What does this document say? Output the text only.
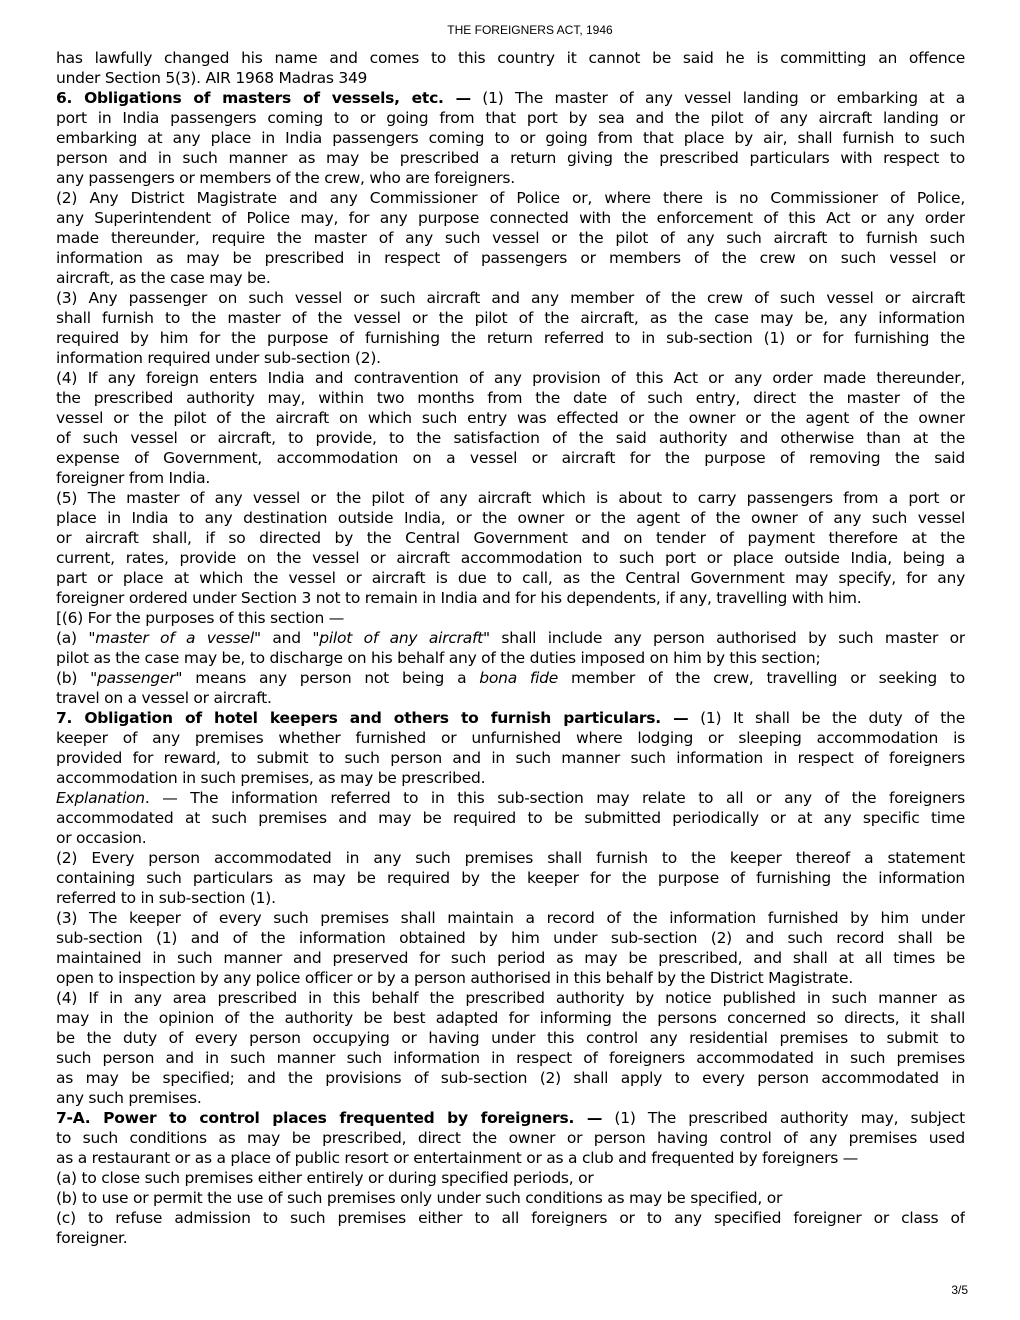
THE FOREIGNERS ACT, 1946
has lawfully changed his name and comes to this country it cannot be said he is committing an offence
under Section 5(3). AIR 1968 Madras 349
6. Obligations of masters of vessels, etc. — (1) The master of any vessel landing or embarking at a
port in India passengers coming to or going from that port by sea and the pilot of any aircraft landing or
embarking at any place in India passengers coming to or going from that place by air, shall furnish to such
person and in such manner as may be prescribed a return giving the prescribed particulars with respect to
any passengers or members of the crew, who are foreigners.
(2) Any District Magistrate and any Commissioner of Police or, where there is no Commissioner of Police,
any Superintendent of Police may, for any purpose connected with the enforcement of this Act or any order
made thereunder, require the master of any such vessel or the pilot of any such aircraft to furnish such
information as may be prescribed in respect of passengers or members of the crew on such vessel or
aircraft, as the case may be.
(3) Any passenger on such vessel or such aircraft and any member of the crew of such vessel or aircraft
shall furnish to the master of the vessel or the pilot of the aircraft, as the case may be, any information
required by him for the purpose of furnishing the return referred to in sub-section (1) or for furnishing the
information required under sub-section (2).
(4) If any foreign enters India and contravention of any provision of this Act or any order made thereunder,
the prescribed authority may, within two months from the date of such entry, direct the master of the
vessel or the pilot of the aircraft on which such entry was effected or the owner or the agent of the owner
of such vessel or aircraft, to provide, to the satisfaction of the said authority and otherwise than at the
expense of Government, accommodation on a vessel or aircraft for the purpose of removing the said
foreigner from India.
(5) The master of any vessel or the pilot of any aircraft which is about to carry passengers from a port or
place in India to any destination outside India, or the owner or the agent of the owner of any such vessel
or aircraft shall, if so directed by the Central Government and on tender of payment therefore at the
current, rates, provide on the vessel or aircraft accommodation to such port or place outside India, being a
part or place at which the vessel or aircraft is due to call, as the Central Government may specify, for any
foreigner ordered under Section 3 not to remain in India and for his dependents, if any, travelling with him.
[(6) For the purposes of this section —
(a) "master of a vessel" and "pilot of any aircraft" shall include any person authorised by such master or
pilot as the case may be, to discharge on his behalf any of the duties imposed on him by this section;
(b) "passenger" means any person not being a bona fide member of the crew, travelling or seeking to
travel on a vessel or aircraft.
7. Obligation of hotel keepers and others to furnish particulars. — (1) It shall be the duty of the
keeper of any premises whether furnished or unfurnished where lodging or sleeping accommodation is
provided for reward, to submit to such person and in such manner such information in respect of foreigners
accommodation in such premises, as may be prescribed.
Explanation. — The information referred to in this sub-section may relate to all or any of the foreigners
accommodated at such premises and may be required to be submitted periodically or at any specific time
or occasion.
(2) Every person accommodated in any such premises shall furnish to the keeper thereof a statement
containing such particulars as may be required by the keeper for the purpose of furnishing the information
referred to in sub-section (1).
(3) The keeper of every such premises shall maintain a record of the information furnished by him under
sub-section (1) and of the information obtained by him under sub-section (2) and such record shall be
maintained in such manner and preserved for such period as may be prescribed, and shall at all times be
open to inspection by any police officer or by a person authorised in this behalf by the District Magistrate.
(4) If in any area prescribed in this behalf the prescribed authority by notice published in such manner as
may in the opinion of the authority be best adapted for informing the persons concerned so directs, it shall
be the duty of every person occupying or having under this control any residential premises to submit to
such person and in such manner such information in respect of foreigners accommodated in such premises
as may be specified; and the provisions of sub-section (2) shall apply to every person accommodated in
any such premises.
7-A. Power to control places frequented by foreigners. — (1) The prescribed authority may, subject
to such conditions as may be prescribed, direct the owner or person having control of any premises used
as a restaurant or as a place of public resort or entertainment or as a club and frequented by foreigners —
(a) to close such premises either entirely or during specified periods, or
(b) to use or permit the use of such premises only under such conditions as may be specified, or
(c) to refuse admission to such premises either to all foreigners or to any specified foreigner or class of
foreigner.
3/5
